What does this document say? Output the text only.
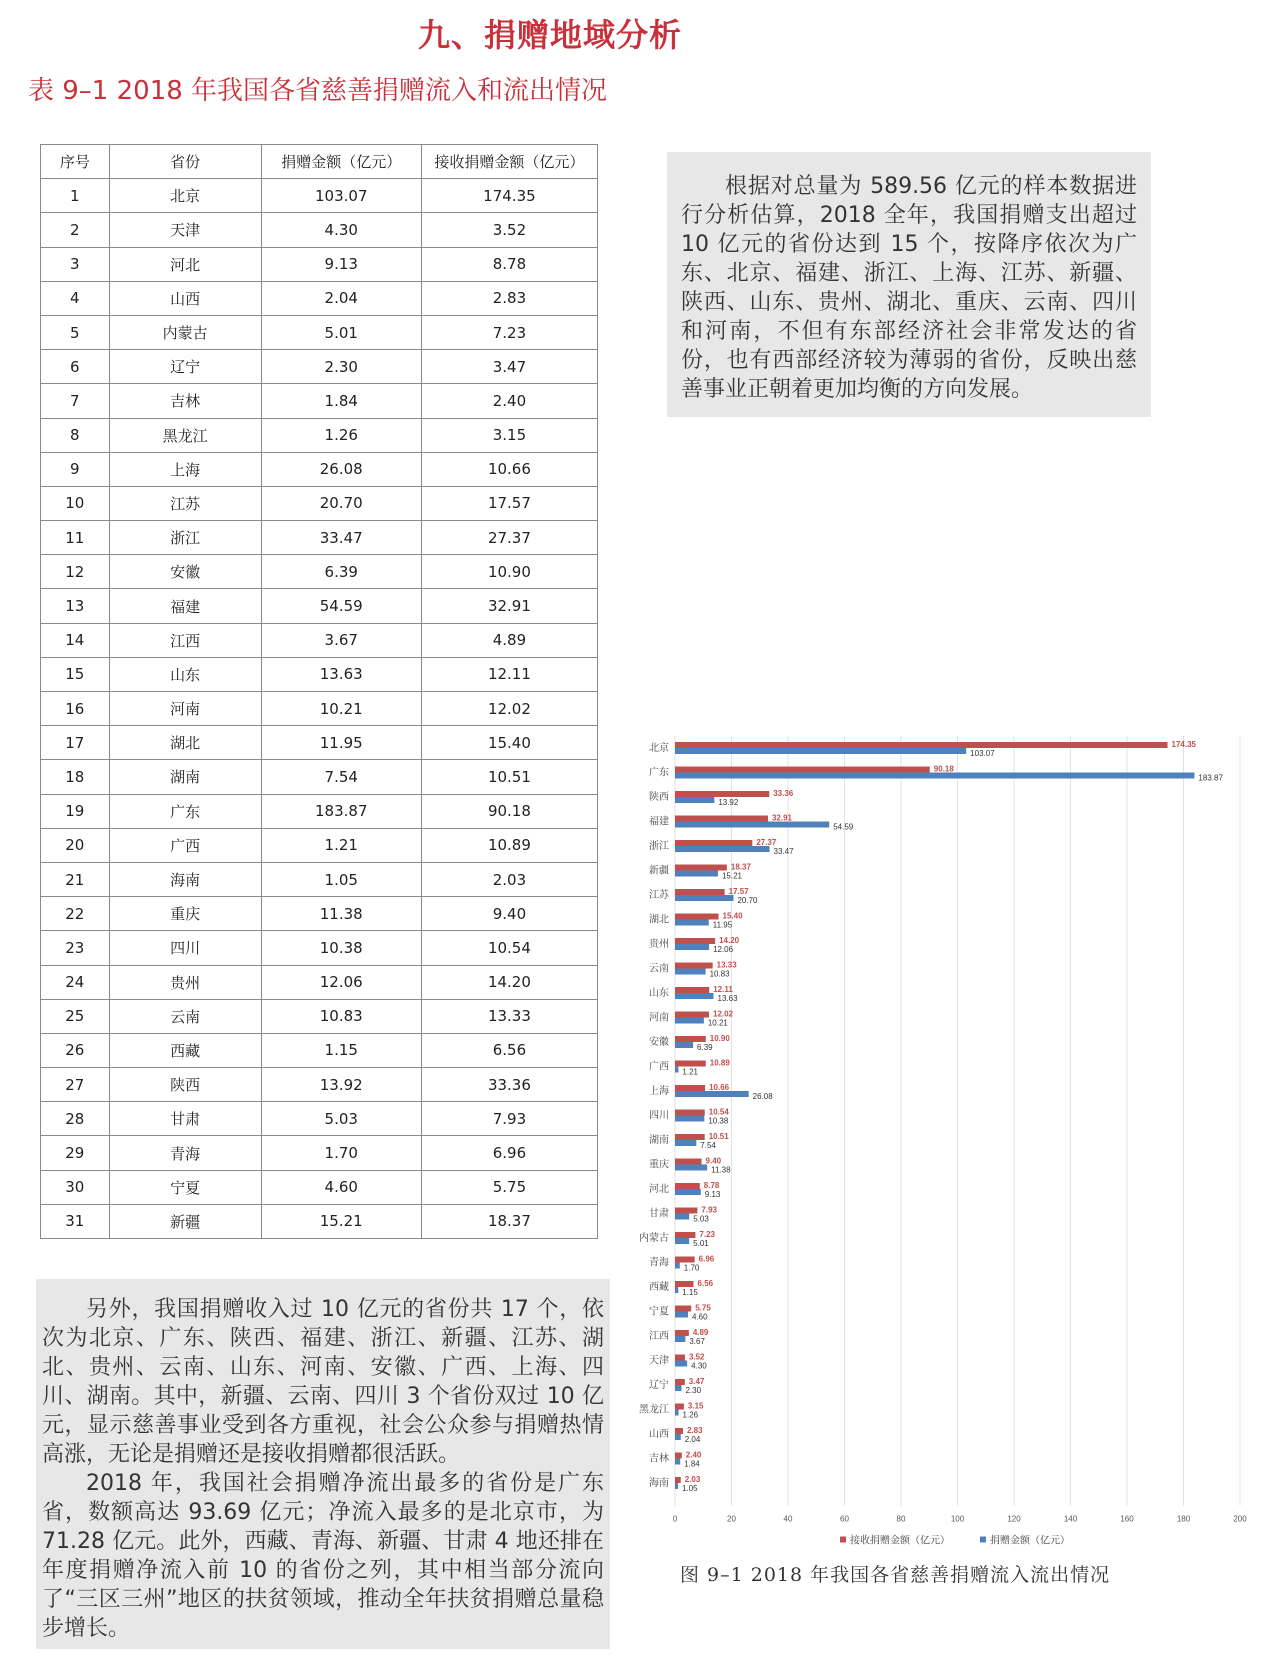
九、捐赠地域分析
表 9–1 2018 年我国各省慈善捐赠流入和流出情况
序号	省份	捐赠金额（亿元）	接收捐赠金额（亿元）
1	北京	103.07	174.35
2	天津	4.30	3.52
3	河北	9.13	8.78
4	山西	2.04	2.83
5	内蒙古	5.01	7.23
6	辽宁	2.30	3.47
7	吉林	1.84	2.40
8	黑龙江	1.26	3.15
9	上海	26.08	10.66
10	江苏	20.70	17.57
11	浙江	33.47	27.37
12	安徽	6.39	10.90
13	福建	54.59	32.91
14	江西	3.67	4.89
15	山东	13.63	12.11
16	河南	10.21	12.02
17	湖北	11.95	15.40
18	湖南	7.54	10.51
19	广东	183.87	90.18
20	广西	1.21	10.89
21	海南	1.05	2.03
22	重庆	11.38	9.40
23	四川	10.38	10.54
24	贵州	12.06	14.20
25	云南	10.83	13.33
26	西藏	1.15	6.56
27	陕西	13.92	33.36
28	甘肃	5.03	7.93
29	青海	1.70	6.96
30	宁夏	4.60	5.75
31	新疆	15.21	18.37

根据对总量为 589.56 亿元的样本数据进行分析估算，2018 全年，我国捐赠支出超过 10 亿元的省份达到 15 个，按降序依次为广东、北京、福建、浙江、上海、江苏、新疆、陕西、山东、贵州、湖北、重庆、云南、四川和河南，不但有东部经济社会非常发达的省份，也有西部经济较为薄弱的省份，反映出慈善事业正朝着更加均衡的方向发展。

另外，我国捐赠收入过 10 亿元的省份共 17 个，依次为北京、广东、陕西、福建、浙江、新疆、江苏、湖北、贵州、云南、山东、河南、安徽、广西、上海、四川、湖南。其中，新疆、云南、四川 3 个省份双过 10 亿元，显示慈善事业受到各方重视，社会公众参与捐赠热情高涨，无论是捐赠还是接收捐赠都很活跃。

2018 年，我国社会捐赠净流出最多的省份是广东省，数额高达 93.69 亿元；净流入最多的是北京市，为 71.28 亿元。此外，西藏、青海、新疆、甘肃 4 地还排在年度捐赠净流入前 10 的省份之列，其中相当部分流向了“三区三州”地区的扶贫领域，推动全年扶贫捐赠总量稳步增长。

0	20	40	60	80	100	120	140	160	180	200
北京	174.35
103.07
广东	90.18
183.87
陕西	33.36
13.92
福建	32.91
54.59
浙江	27.37
33.47
新疆	18.37
15.21
江苏	17.57
20.70
湖北	15.40
11.95
贵州	14.20
12.06
云南	13.33
10.83
山东	12.11
13.63
河南	12.02
10.21
安徽	10.90
6.39
广西	10.89
1.21
上海	10.66
26.08
四川	10.54
10.38
湖南	10.51
7.54
重庆	9.40
11.38
河北	8.78
9.13
甘肃	7.93
5.03
内蒙古	7.23
5.01
青海	6.96
1.70
西藏	6.56
1.15
宁夏	5.75
4.60
江西	4.89
3.67
天津 3.52
4.30
辽宁 3.47
2.30
黑龙江 3.15
1.26
山西 2.83
2.04
吉林 2.40
1.84
海南 2.03
1.05
接收捐赠金额（亿元）	捐赠金额（亿元）
图 9–1 2018 年我国各省慈善捐赠流入流出情况
